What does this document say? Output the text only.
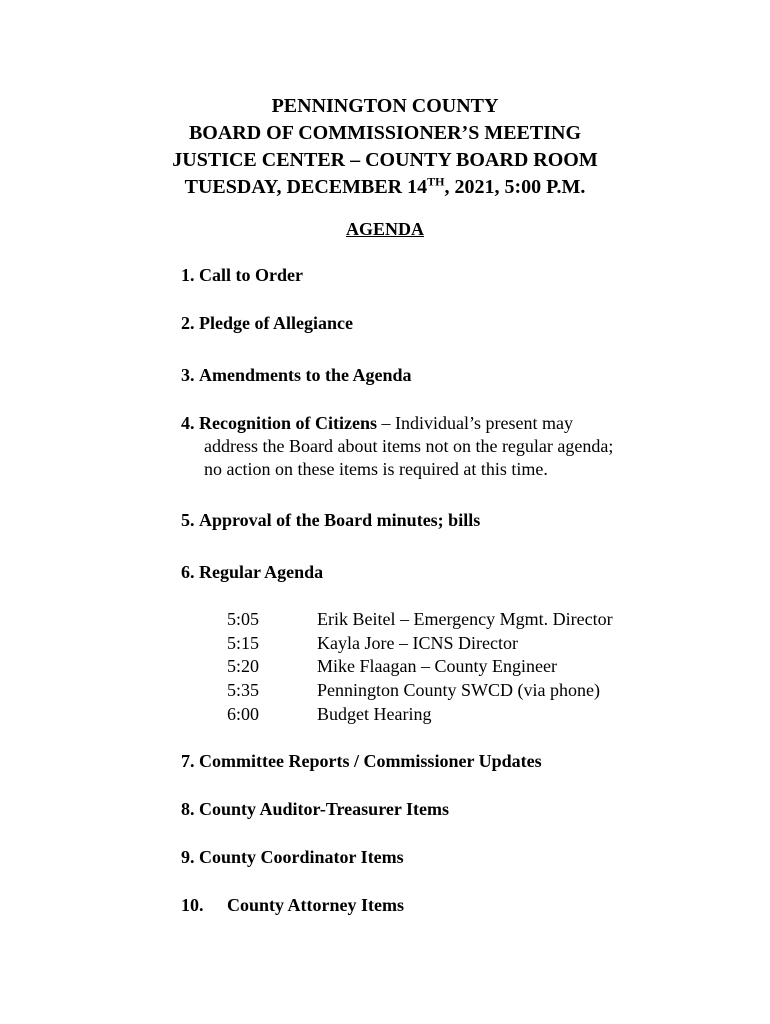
PENNINGTON COUNTY
BOARD OF COMMISSIONER’S MEETING
JUSTICE CENTER – COUNTY BOARD ROOM
TUESDAY, DECEMBER 14TH, 2021, 5:00 P.M.
AGENDA
1. Call to Order
2. Pledge of Allegiance
3. Amendments to the Agenda
4. Recognition of Citizens – Individual’s present may
address the Board about items not on the regular agenda;
no action on these items is required at this time.
5. Approval of the Board minutes; bills
6. Regular Agenda
5:05	Erik Beitel – Emergency Mgmt. Director
5:15	Kayla Jore – ICNS Director
5:20	Mike Flaagan – County Engineer
5:35	Pennington County SWCD (via phone)
6:00	Budget Hearing
7. Committee Reports / Commissioner Updates
8. County Auditor-Treasurer Items
9. County Coordinator Items
10. County Attorney Items
